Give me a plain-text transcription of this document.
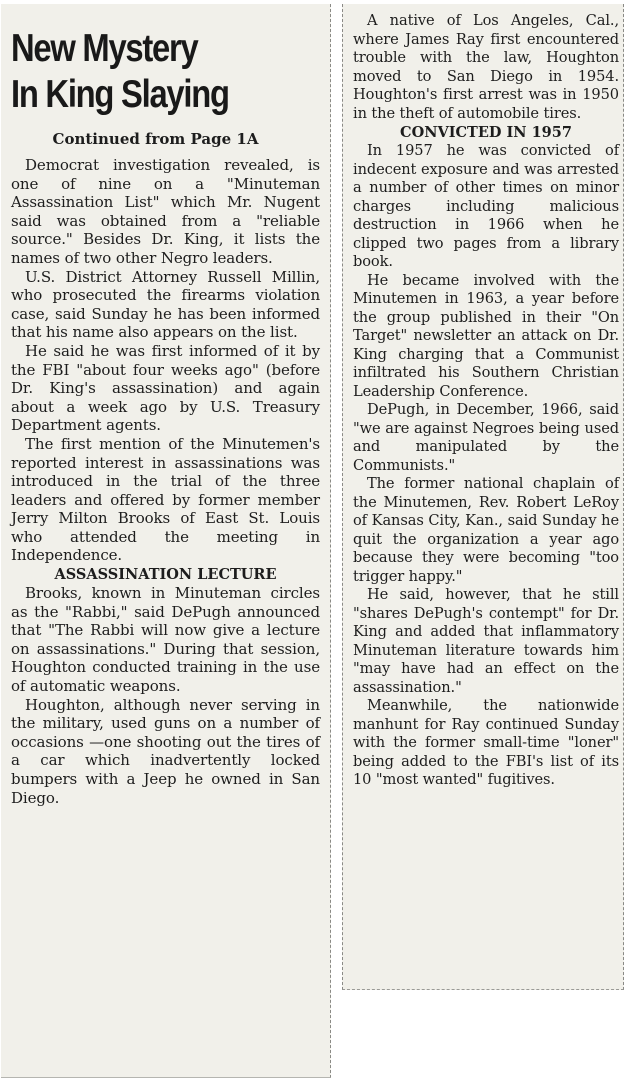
New Mystery
In King Slaying
Continued from Page 1A

Democrat investigation revealed, is one of nine on a "Minuteman Assassination List" which Mr. Nugent said was obtained from a "reliable source." Besides Dr. King, it lists the names of two other Negro leaders.

U.S. District Attorney Russell Millin, who prosecuted the firearms violation case, said Sunday he has been informed that his name also appears on the list.

He said he was first informed of it by the FBI "about four weeks ago" (before Dr. King's assassination) and again about a week ago by U.S. Treasury Department agents.

The first mention of the Minutemen's reported interest in assassinations was introduced in the trial of the three leaders and offered by former member Jerry Milton Brooks of East St. Louis who attended the meeting in Independence.

ASSASSINATION LECTURE

Brooks, known in Minuteman circles as the "Rabbi," said DePugh announced that "The Rabbi will now give a lecture on assassinations." During that session, Houghton conducted training in the use of automatic weapons.

Houghton, although never serving in the military, used guns on a number of occasions —one shooting out the tires of a car which inadvertently locked bumpers with a Jeep he owned in San Diego.

A native of Los Angeles, Cal., where James Ray first encountered trouble with the law, Houghton moved to San Diego in 1954. Houghton's first arrest was in 1950 in the theft of automobile tires.

CONVICTED IN 1957

In 1957 he was convicted of indecent exposure and was arrested a number of other times on minor charges including malicious destruction in 1966 when he clipped two pages from a library book.

He became involved with the Minutemen in 1963, a year before the group published in their "On Target" newsletter an attack on Dr. King charging that a Communist infiltrated his Southern Christian Leadership Conference.

DePugh, in December, 1966, said "we are against Negroes being used and manipulated by the Communists."

The former national chaplain of the Minutemen, Rev. Robert LeRoy of Kansas City, Kan., said Sunday he quit the organization a year ago because they were becoming "too trigger happy."

He said, however, that he still "shares DePugh's contempt" for Dr. King and added that inflammatory Minuteman literature towards him "may have had an effect on the assassination."

Meanwhile, the nationwide manhunt for Ray continued Sunday with the former small-time "loner" being added to the FBI's list of its 10 "most wanted" fugitives.
